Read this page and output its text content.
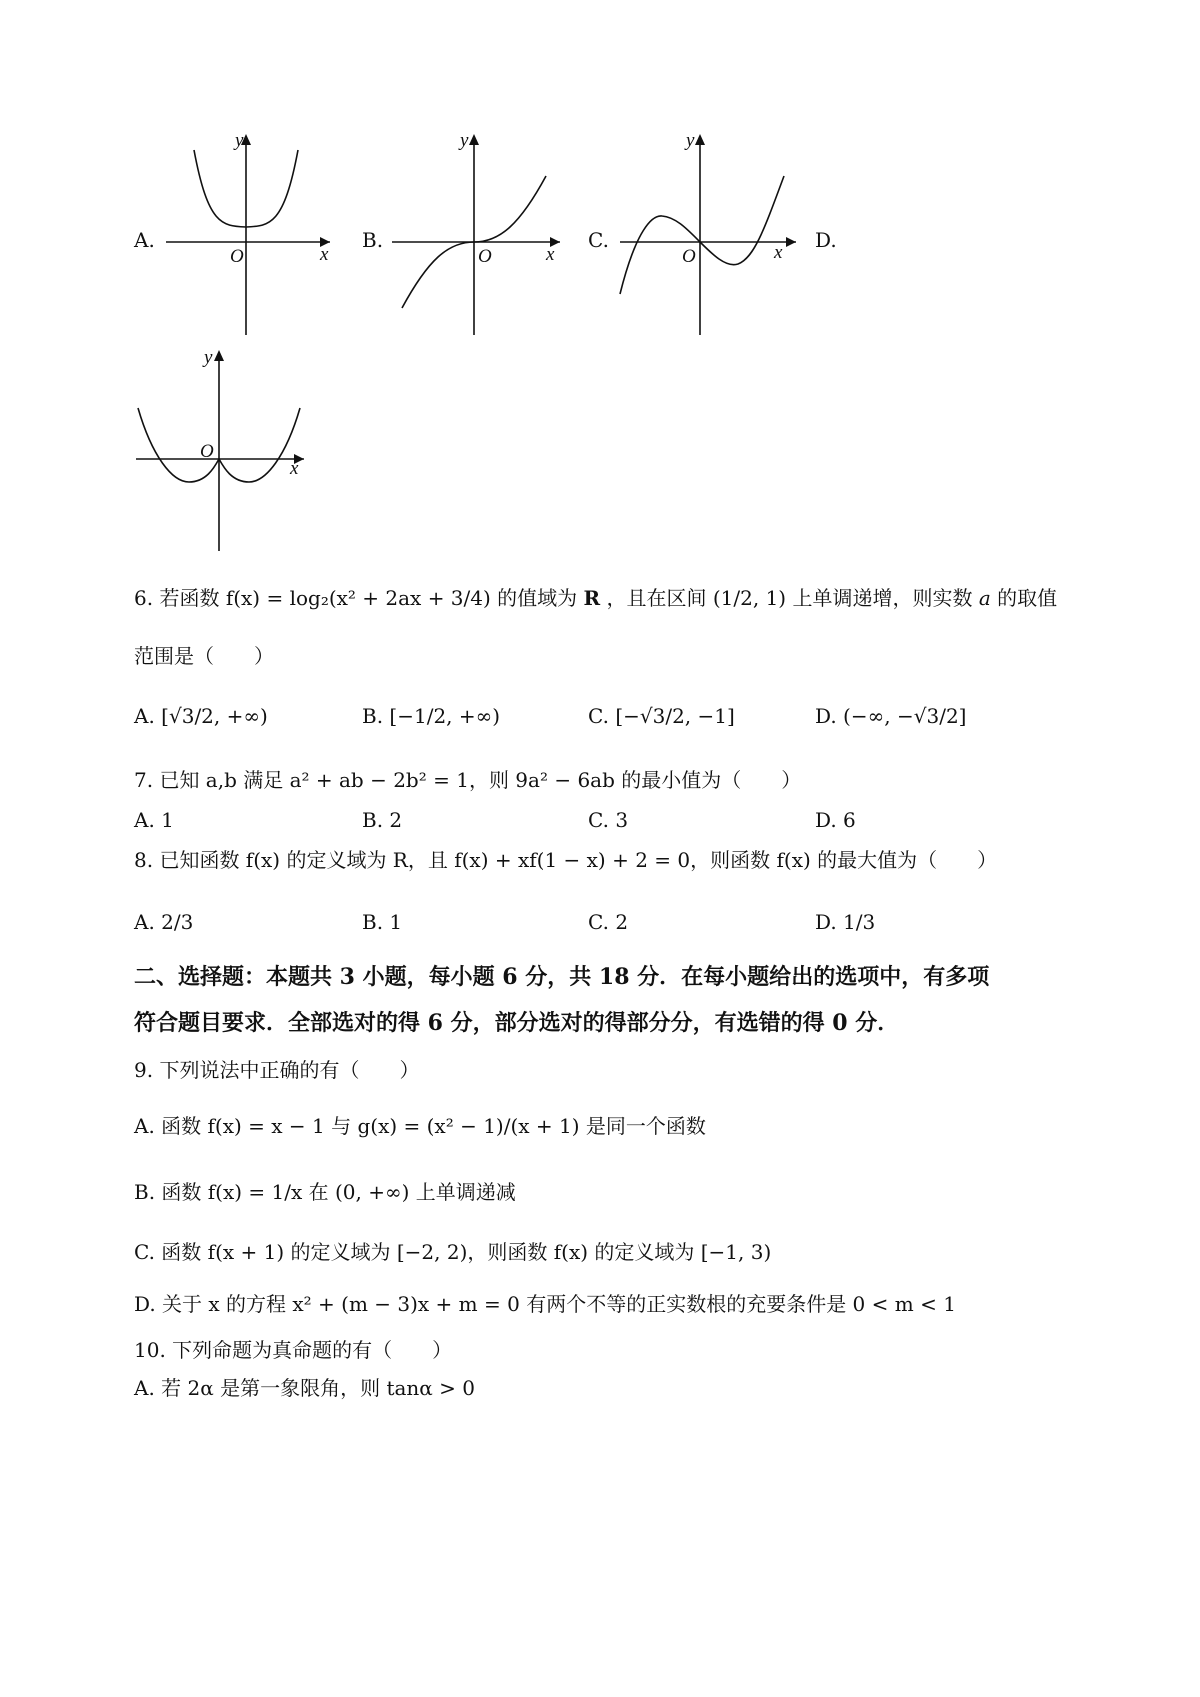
A.
y
O	x
B.
y
O	x
C.
y
O	x
D.
y
O
x
6. 若函数 f(x) = log₂(x² + 2ax + 3/4) 的值域为 R ，且在区间 (1/2, 1) 上单调递增，则实数 a 的取值
范围是（　　）
A. [√3/2, +∞)	B. [−1/2, +∞)	C. [−√3/2, −1]	D. (−∞, −√3/2]
7. 已知 a,b 满足 a² + ab − 2b² = 1，则 9a² − 6ab 的最小值为（　　）
A. 1	B. 2	C. 3	D. 6
8. 已知函数 f(x) 的定义域为 R，且 f(x) + xf(1 − x) + 2 = 0，则函数 f(x) 的最大值为（　　）
A. 2/3	B. 1	C. 2	D. 1/3
二、选择题：本题共 3 小题，每小题 6 分，共 18 分．在每小题给出的选项中，有多项
符合题目要求．全部选对的得 6 分，部分选对的得部分分，有选错的得 0 分．
9. 下列说法中正确的有（　　）
A. 函数 f(x) = x − 1 与 g(x) = (x² − 1)/(x + 1) 是同一个函数
B. 函数 f(x) = 1/x 在 (0, +∞) 上单调递减
C. 函数 f(x + 1) 的定义域为 [−2, 2)，则函数 f(x) 的定义域为 [−1, 3)
D. 关于 x 的方程 x² + (m − 3)x + m = 0 有两个不等的正实数根的充要条件是 0 < m < 1
10. 下列命题为真命题的有（　　）
A. 若 2α 是第一象限角，则 tanα > 0
